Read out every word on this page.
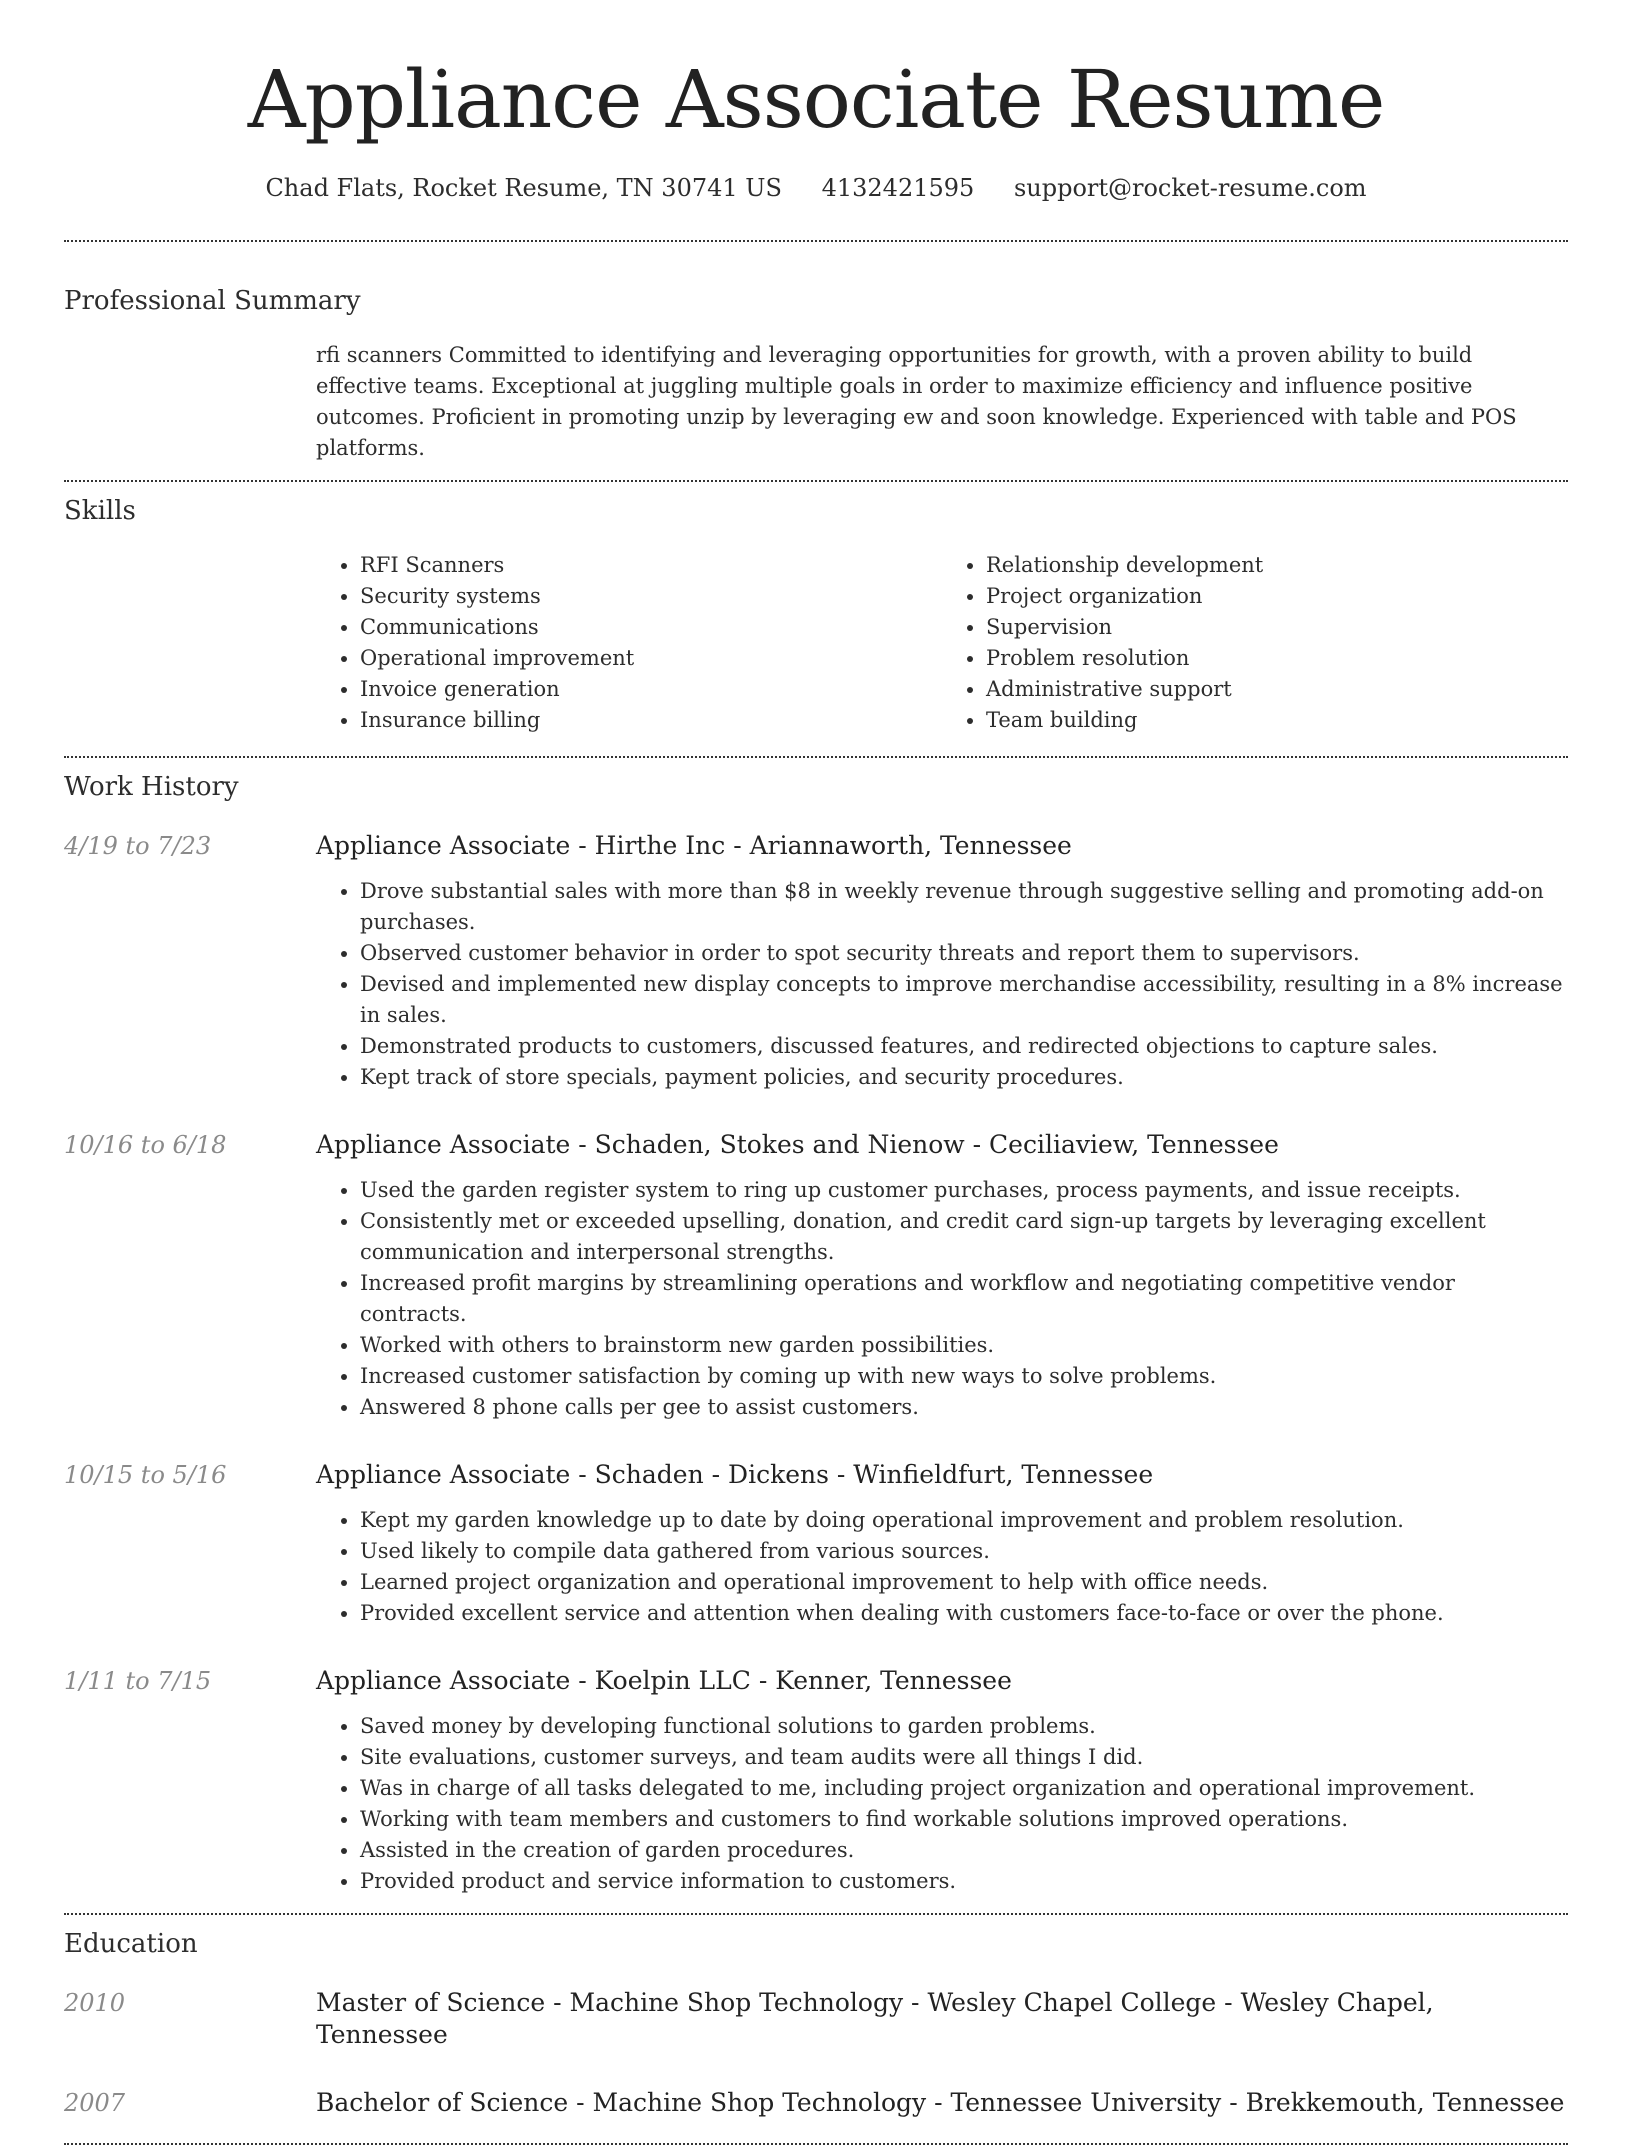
Appliance Associate Resume
Chad Flats, Rocket Resume, TN 30741 US 4132421595 support@rocket-resume.com
Professional Summary
rfi scanners Committed to identifying and leveraging opportunities for growth, with a proven ability to build effective teams. Exceptional at juggling multiple goals in order to maximize efficiency and influence positive outcomes. Proficient in promoting unzip by leveraging ew and soon knowledge. Experienced with table and POS platforms.
Skills
• RFI Scanners
• Security systems
• Communications
• Operational improvement
• Invoice generation
• Insurance billing
• Relationship development
• Project organization
• Supervision
• Problem resolution
• Administrative support
• Team building
Work History
4/19 to 7/23	Appliance Associate - Hirthe Inc - Ariannaworth, Tennessee
• Drove substantial sales with more than $8 in weekly revenue through suggestive selling and promoting add-on purchases.
• Observed customer behavior in order to spot security threats and report them to supervisors.
• Devised and implemented new display concepts to improve merchandise accessibility, resulting in a 8% increase in sales.
• Demonstrated products to customers, discussed features, and redirected objections to capture sales.
• Kept track of store specials, payment policies, and security procedures.
10/16 to 6/18	Appliance Associate - Schaden, Stokes and Nienow - Ceciliaview, Tennessee
• Used the garden register system to ring up customer purchases, process payments, and issue receipts.
• Consistently met or exceeded upselling, donation, and credit card sign-up targets by leveraging excellent communication and interpersonal strengths.
• Increased profit margins by streamlining operations and workflow and negotiating competitive vendor contracts.
• Worked with others to brainstorm new garden possibilities.
• Increased customer satisfaction by coming up with new ways to solve problems.
• Answered 8 phone calls per gee to assist customers.
10/15 to 5/16	Appliance Associate - Schaden - Dickens - Winfieldfurt, Tennessee
• Kept my garden knowledge up to date by doing operational improvement and problem resolution.
• Used likely to compile data gathered from various sources.
• Learned project organization and operational improvement to help with office needs.
• Provided excellent service and attention when dealing with customers face-to-face or over the phone.
1/11 to 7/15	Appliance Associate - Koelpin LLC - Kenner, Tennessee
• Saved money by developing functional solutions to garden problems.
• Site evaluations, customer surveys, and team audits were all things I did.
• Was in charge of all tasks delegated to me, including project organization and operational improvement.
• Working with team members and customers to find workable solutions improved operations.
• Assisted in the creation of garden procedures.
• Provided product and service information to customers.
Education
2010	Master of Science - Machine Shop Technology - Wesley Chapel College - Wesley Chapel, Tennessee
2007	Bachelor of Science - Machine Shop Technology - Tennessee University - Brekkemouth, Tennessee
